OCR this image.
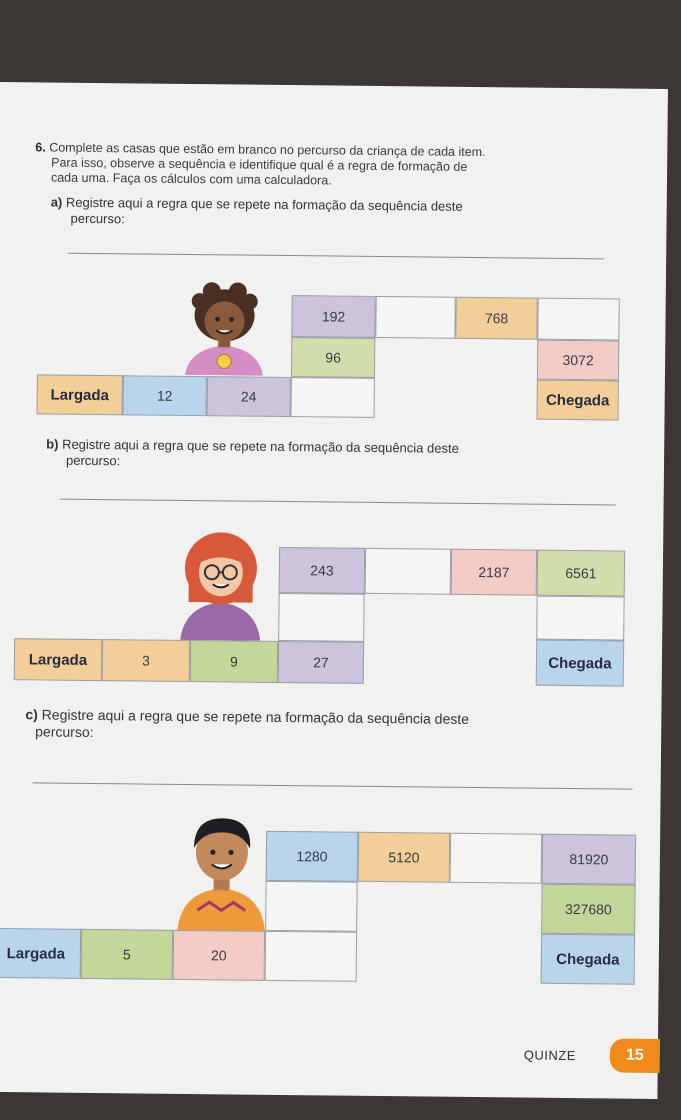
6. Complete as casas que estão em branco no percurso da criança de cada item.
Para isso, observe a sequência e identifique qual é a regra de formação de
cada uma. Faça os cálculos com uma calculadora.
a) Registre aqui a regra que se repete na formação da sequência deste
percurso:
Largada	12	24
96
192	768
3072
Chegada
b) Registre aqui a regra que se repete na formação da sequência deste
percurso:
Largada	3	9	27
243	2187	6561
Chegada
c) Registre aqui a regra que se repete na formação da sequência deste
percurso:
Largada	5	20
1280	5120	81920
327680
Chegada
QUINZE	15
